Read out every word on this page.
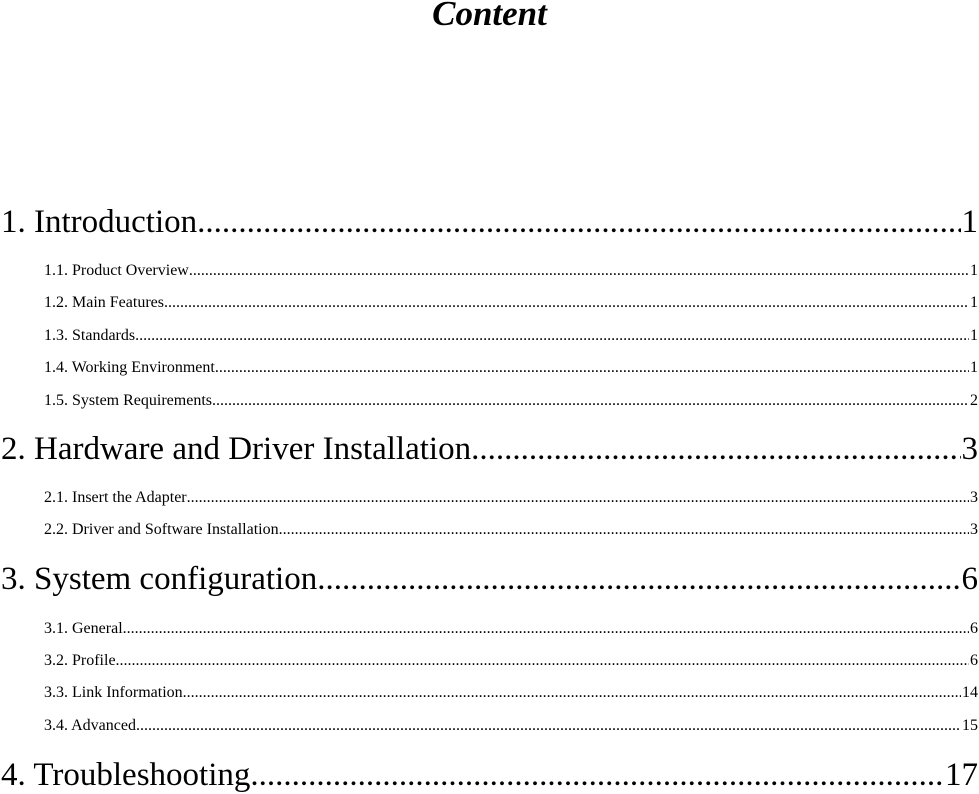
Content
1. Introduction .....	1
1.1. Product Overview .....	1
1.2. Main Features .....	1
1.3. Standards .....	1
1.4. Working Environment .....	1
1.5. System Requirements .....	2
2. Hardware and Driver Installation .....	3
2.1. Insert the Adapter .....	3
2.2. Driver and Software Installation .....	3
3. System configuration .....	6
3.1. General .....	6
3.2. Profile .....	6
3.3. Link Information .....	14
3.4. Advanced .....	15
4. Troubleshooting .....	17
